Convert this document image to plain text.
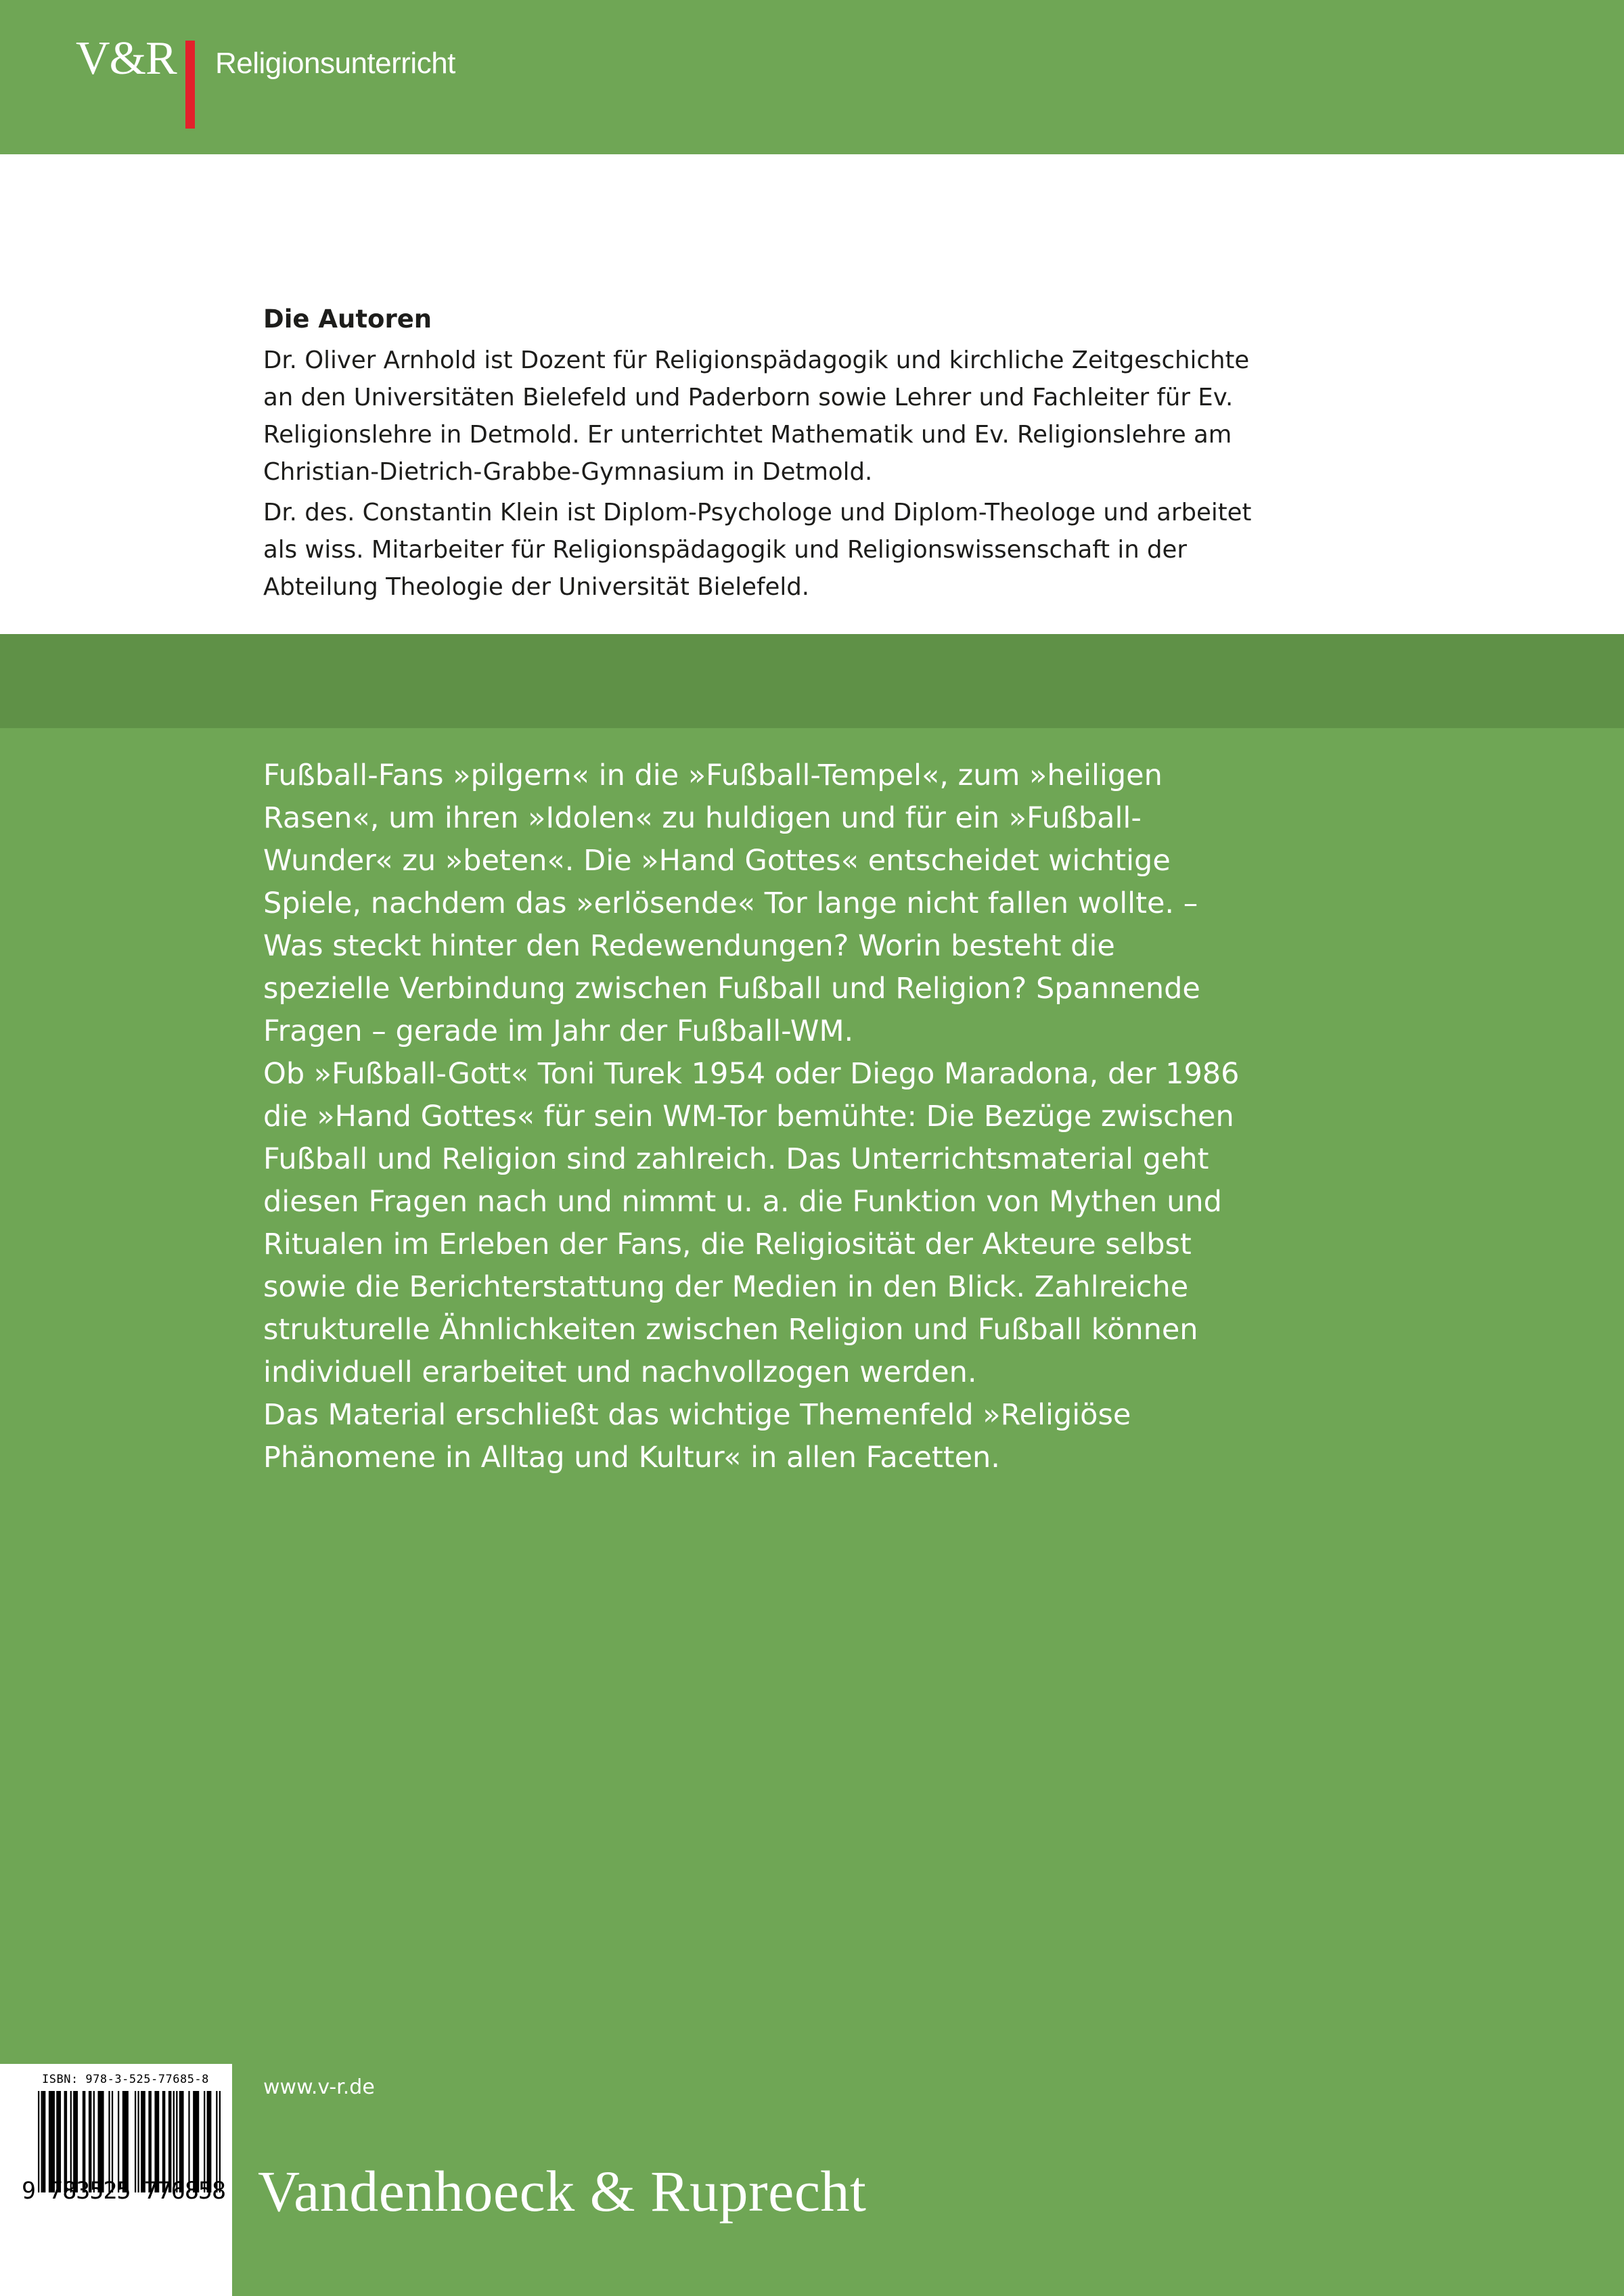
V&R Religionsunterricht
Die Autoren

Dr. Oliver Arnhold ist Dozent für Religionspädagogik und kirchliche Zeitgeschichte an den Universitäten Bielefeld und Paderborn sowie Lehrer und Fachleiter für Ev. Religionslehre in Detmold. Er unterrichtet Mathematik und Ev. Religionslehre am Christian-Dietrich-Grabbe-Gymnasium in Detmold.

Dr. des. Constantin Klein ist Diplom-Psychologe und Diplom-Theologe und arbeitet als wiss. Mitarbeiter für Religionspädagogik und Religionswissenschaft in der Abteilung Theologie der Universität Bielefeld.

Fußball-Fans »pilgern« in die »Fußball-Tempel«, zum »heiligen Rasen«, um ihren »Idolen« zu huldigen und für ein »Fußball-Wunder« zu »beten«. Die »Hand Gottes« entscheidet wichtige Spiele, nachdem das »erlösende« Tor lange nicht fallen wollte. – Was steckt hinter den Redewendungen? Worin besteht die spezielle Verbindung zwischen Fußball und Religion? Spannende Fragen – gerade im Jahr der Fußball-WM.

Ob »Fußball-Gott« Toni Turek 1954 oder Diego Maradona, der 1986 die »Hand Gottes« für sein WM-Tor bemühte: Die Bezüge zwischen Fußball und Religion sind zahlreich. Das Unterrichtsmaterial geht diesen Fragen nach und nimmt u. a. die Funktion von Mythen und Ritualen im Erleben der Fans, die Religiosität der Akteure selbst sowie die Berichterstattung der Medien in den Blick. Zahlreiche strukturelle Ähnlichkeiten zwischen Religion und Fußball können individuell erarbeitet und nachvollzogen werden.

Das Material erschließt das wichtige Themenfeld »Religiöse Phänomene in Alltag und Kultur« in allen Facetten.

ISBN: 978-3-525-77685-8
9 783525 776858
www.v-r.de
Vandenhoeck & Ruprecht
